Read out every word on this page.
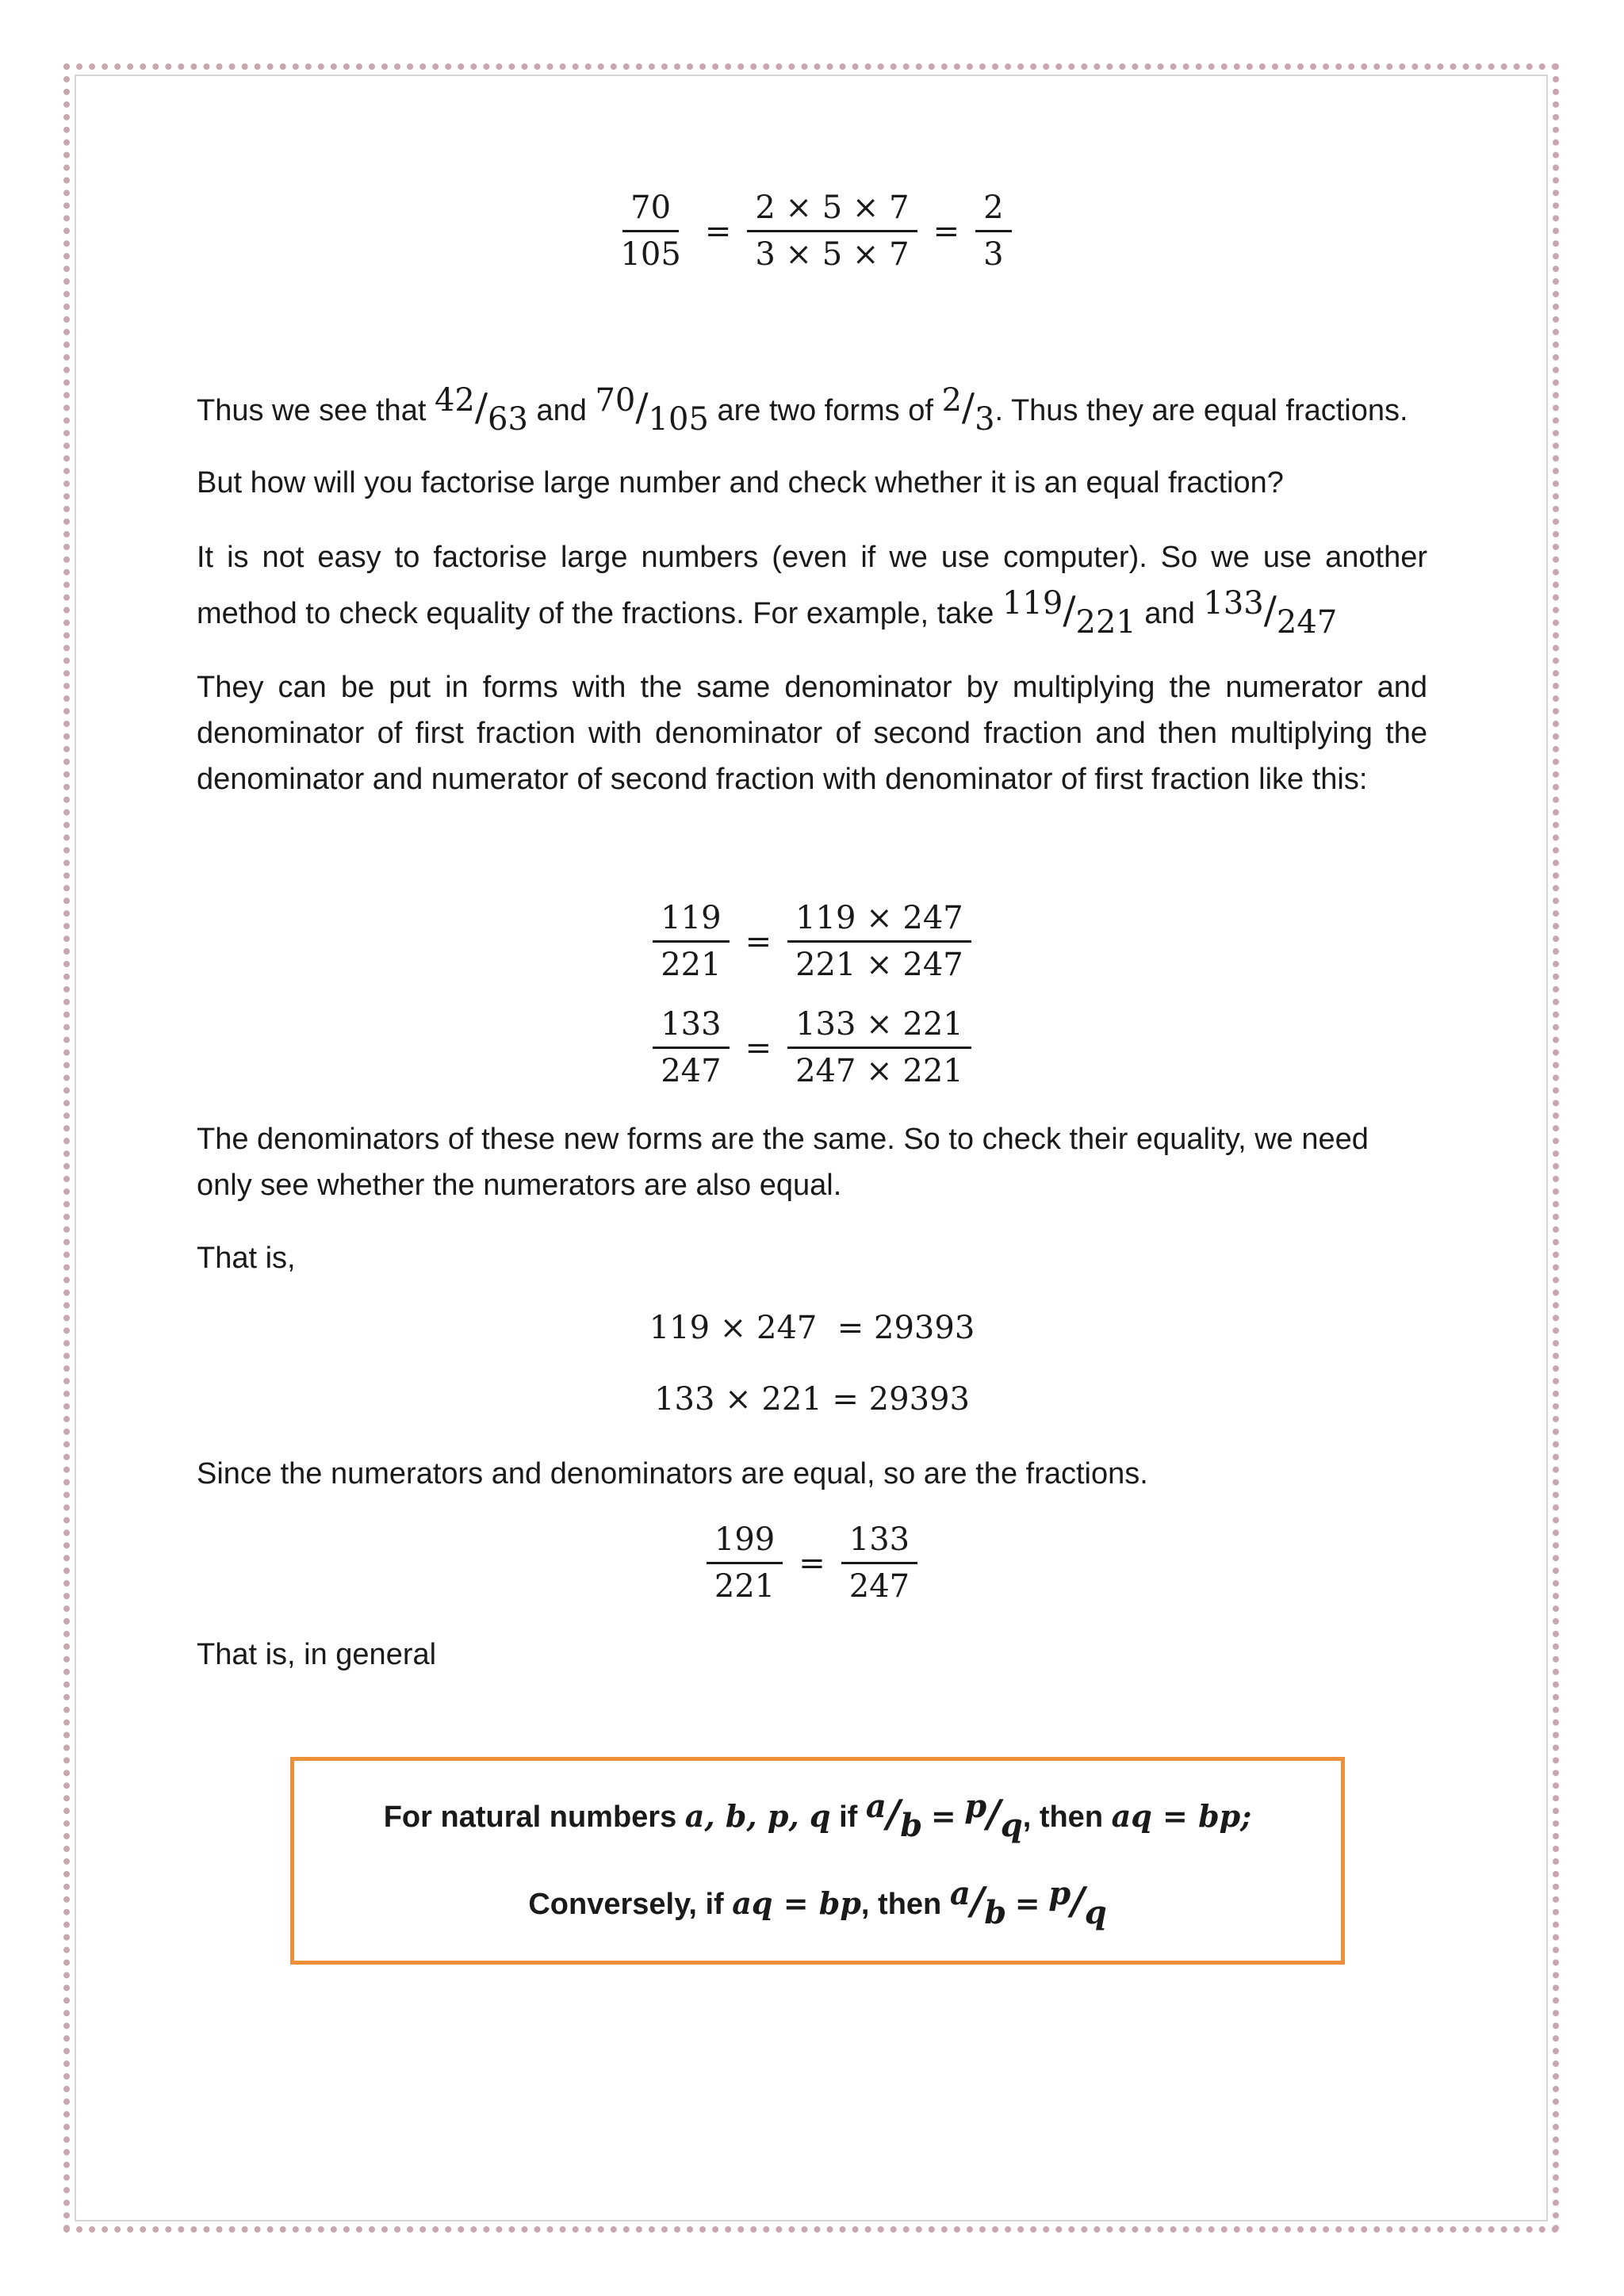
$\frac{70}{105} = \frac{2 \times 5 \times 7}{3 \times 5 \times 7} = \frac{2}{3}$
Thus we see that $^{42}/_{63}$ and $^{70}/_{105}$ are two forms of $^2/_3$. Thus they are equal fractions.
But how will you factorise large number and check whether it is an equal fraction?
It is not easy to factorise large numbers (even if we use computer). So we use another method to check equality of the fractions. For example, take $^{119}/_{221}$ and $^{133}/_{247}$
They can be put in forms with the same denominator by multiplying the numerator and denominator of first fraction with denominator of second fraction and then multiplying the denominator and numerator of second fraction with denominator of first fraction like this:
$\frac{119}{221} = \frac{119 \times 247}{221 \times 247}$
$\frac{133}{247} = \frac{133 \times 221}{247 \times 221}$
The denominators of these new forms are the same. So to check their equality, we need only see whether the numerators are also equal.
That is,
119 × 247  = 29393
133 × 221 = 29393
Since the numerators and denominators are equal, so are the fractions.
$\frac{199}{221} = \frac{133}{247}$
That is, in general
For natural numbers a, b, p, q if $^a/_b = ^p/_q$, then aq = bp;
Conversely, if aq = bp, then $^a/_b = ^p/_q$
